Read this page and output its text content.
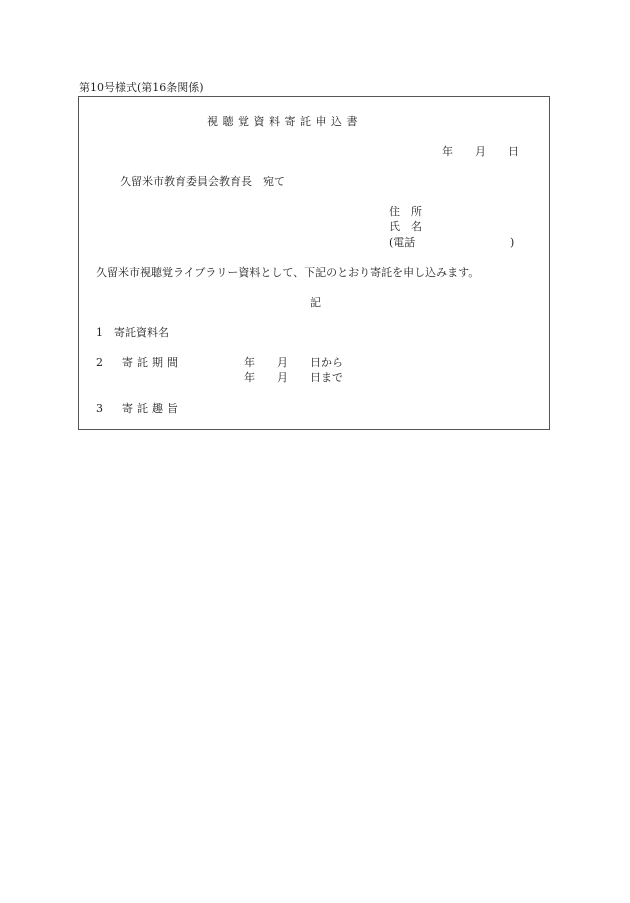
第10号様式(第16条関係)
視聴覚資料寄託申込書
年 月 日
久留米市教育委員会教育長　宛て
住　所
氏　名
(電話	)
久留米市視聴覚ライブラリー資料として、下記のとおり寄託を申し込みます。
記
1　寄託資料名
2　寄託期間	年　　月　　日から
年　　月　　日まで
3　寄託趣旨
